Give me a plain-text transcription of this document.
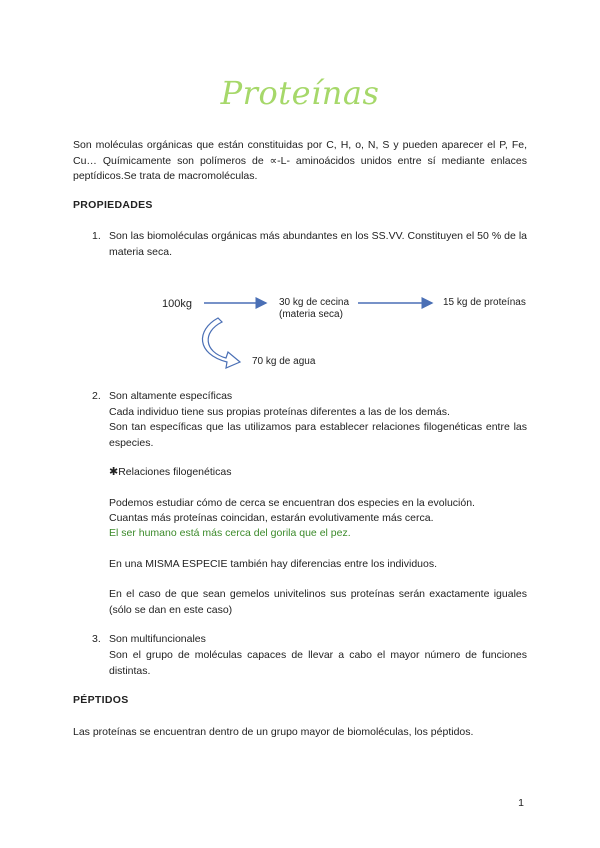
Proteínas
Son moléculas orgánicas que están constituidas por C, H, o, N, S y pueden aparecer el P, Fe, Cu… Químicamente son polímeros de ∝-L- aminoácidos unidos entre sí mediante enlaces peptídicos.Se trata de macromoléculas.
PROPIEDADES
1. Son las biomoléculas orgánicas más abundantes en los SS.VV. Constituyen el 50 % de la materia seca.
100kg	30 kg de cecina
(materia seca)
15 kg de proteínas
70 kg de agua
2. Son altamente específicas
Cada individuo tiene sus propias proteínas diferentes a las de los demás.
Son tan específicas que las utilizamos para establecer relaciones filogenéticas entre las especies.
✱Relaciones filogenéticas
Podemos estudiar cómo de cerca se encuentran dos especies en la evolución.
Cuantas más proteínas coincidan, estarán evolutivamente más cerca.
El ser humano está más cerca del gorila que el pez.
En una MISMA ESPECIE también hay diferencias entre los individuos.
En el caso de que sean gemelos univitelinos sus proteínas serán exactamente iguales (sólo se dan en este caso)
3. Son multifuncionales
Son el grupo de moléculas capaces de llevar a cabo el mayor número de funciones distintas.
PÉPTIDOS
Las proteínas se encuentran dentro de un grupo mayor de biomoléculas, los péptidos.
1
